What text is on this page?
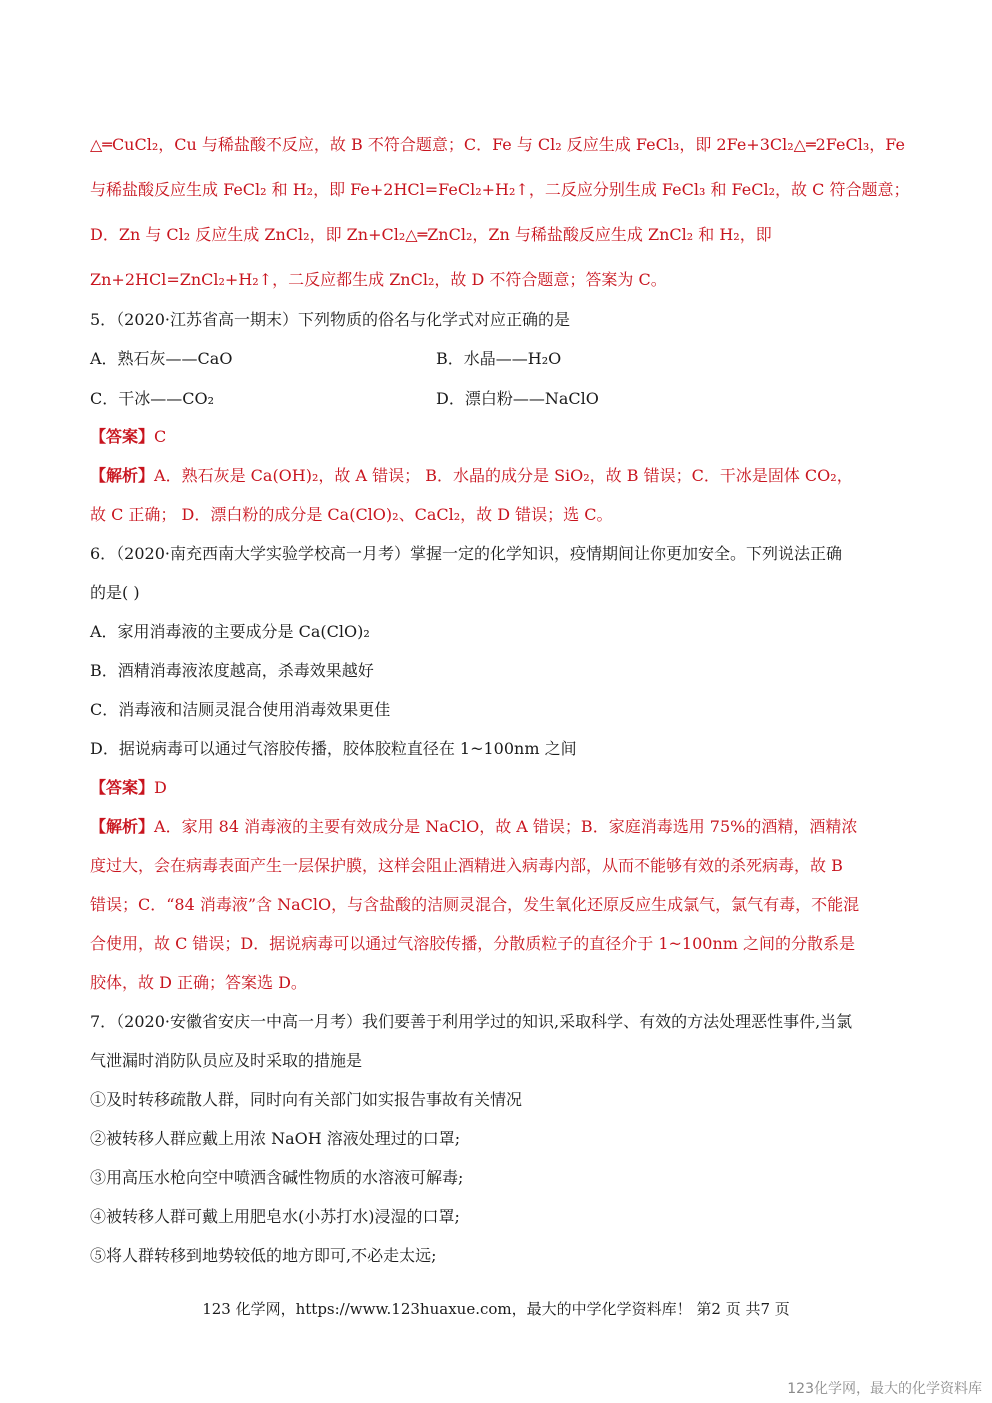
△═CuCl₂，Cu 与稀盐酸不反应，故 B 不符合题意；C．Fe 与 Cl₂ 反应生成 FeCl₃，即 2Fe+3Cl₂△═2FeCl₃，Fe
与稀盐酸反应生成 FeCl₂ 和 H₂，即 Fe+2HCl=FeCl₂+H₂↑，二反应分别生成 FeCl₃ 和 FeCl₂，故 C 符合题意；
D．Zn 与 Cl₂ 反应生成 ZnCl₂，即 Zn+Cl₂△═ZnCl₂，Zn 与稀盐酸反应生成 ZnCl₂ 和 H₂，即
Zn+2HCl=ZnCl₂+H₂↑，二反应都生成 ZnCl₂，故 D 不符合题意；答案为 C。
5．（2020·江苏省高一期末）下列物质的俗名与化学式对应正确的是
A．熟石灰——CaO	B．水晶——H₂O
C．干冰——CO₂	D．漂白粉——NaClO
【答案】C
【解析】A．熟石灰是 Ca(OH)₂，故 A 错误； B．水晶的成分是 SiO₂，故 B 错误；C．干冰是固体 CO₂，
故 C 正确； D．漂白粉的成分是 Ca(ClO)₂、CaCl₂，故 D 错误；选 C。
6．（2020·南充西南大学实验学校高一月考）掌握一定的化学知识，疫情期间让你更加安全。下列说法正确
的是( )
A．家用消毒液的主要成分是 Ca(ClO)₂
B．酒精消毒液浓度越高，杀毒效果越好
C．消毒液和洁厕灵混合使用消毒效果更佳
D．据说病毒可以通过气溶胶传播，胶体胶粒直径在 1~100nm 之间
【答案】D
【解析】A．家用 84 消毒液的主要有效成分是 NaClO，故 A 错误；B．家庭消毒选用 75%的酒精，酒精浓
度过大，会在病毒表面产生一层保护膜，这样会阻止酒精进入病毒内部，从而不能够有效的杀死病毒，故 B
错误；C．“84 消毒液”含 NaClO，与含盐酸的洁厕灵混合，发生氧化还原反应生成氯气，氯气有毒，不能混
合使用，故 C 错误；D．据说病毒可以通过气溶胶传播，分散质粒子的直径介于 1~100nm 之间的分散系是
胶体，故 D 正确；答案选 D。
7．（2020·安徽省安庆一中高一月考）我们要善于利用学过的知识,采取科学、有效的方法处理恶性事件,当氯
气泄漏时消防队员应及时采取的措施是
①及时转移疏散人群，同时向有关部门如实报告事故有关情况
②被转移人群应戴上用浓 NaOH 溶液处理过的口罩;
③用高压水枪向空中喷洒含碱性物质的水溶液可解毒;
④被转移人群可戴上用肥皂水(小苏打水)浸湿的口罩;
⑤将人群转移到地势较低的地方即可,不必走太远;
123 化学网，https://www.123huaxue.com，最大的中学化学资料库！ 第2 页 共7 页
123化学网，最大的化学资料库
